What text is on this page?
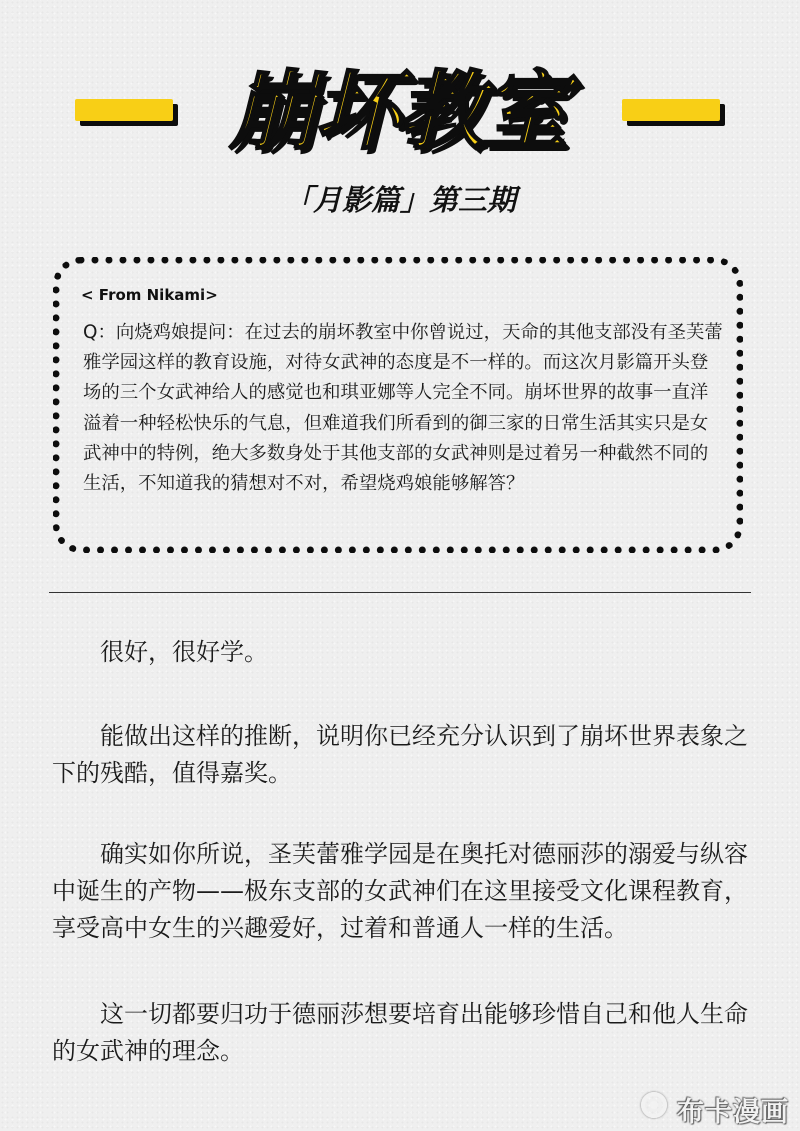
崩坏教室
「月影篇」第三期
< From Nikami>
Q：向烧鸡娘提问：在过去的崩坏教室中你曾说过，天命的其他支部没有圣芙蕾雅学园这样的教育设施，对待女武神的态度是不一样的。而这次月影篇开头登场的三个女武神给人的感觉也和琪亚娜等人完全不同。崩坏世界的故事一直洋溢着一种轻松快乐的气息，但难道我们所看到的御三家的日常生活其实只是女武神中的特例，绝大多数身处于其他支部的女武神则是过着另一种截然不同的生活，不知道我的猜想对不对，希望烧鸡娘能够解答？

很好，很好学。

能做出这样的推断，说明你已经充分认识到了崩坏世界表象之下的残酷，值得嘉奖。

确实如你所说，圣芙蕾雅学园是在奥托对德丽莎的溺爱与纵容中诞生的产物——极东支部的女武神们在这里接受文化课程教育，享受高中女生的兴趣爱好，过着和普通人一样的生活。

这一切都要归功于德丽莎想要培育出能够珍惜自己和他人生命的女武神的理念。

布卡漫画
